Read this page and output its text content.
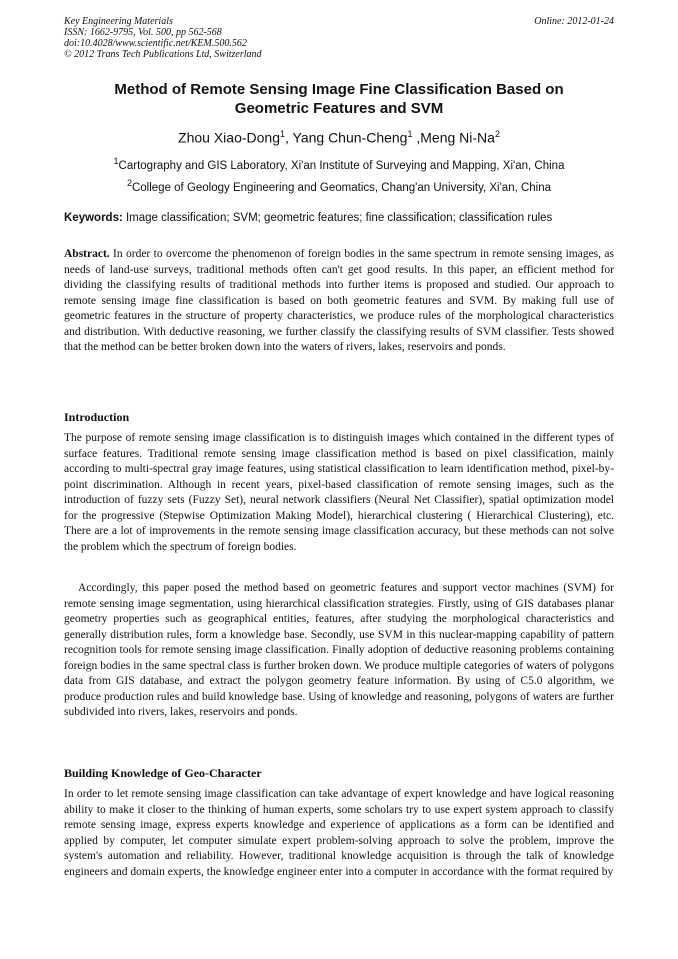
Key Engineering Materials
ISSN: 1662-9795, Vol. 500, pp 562-568
doi:10.4028/www.scientific.net/KEM.500.562
© 2012 Trans Tech Publications Ltd, Switzerland
Online: 2012-01-24
Method of Remote Sensing Image Fine Classification Based on
Geometric Features and SVM
Zhou Xiao-Dong$^1$, Yang Chun-Cheng$^1$ ,Meng Ni-Na$^2$
$^1$Cartography and GIS Laboratory, Xi'an Institute of Surveying and Mapping, Xi'an, China
$^2$College of Geology Engineering and Geomatics, Chang'an University, Xi'an, China
Keywords: Image classification; SVM; geometric features; fine classification; classification rules
Abstract. In order to overcome the phenomenon of foreign bodies in the same spectrum in remote sensing images, as needs of land-use surveys, traditional methods often can't get good results. In this paper, an efficient method for dividing the classifying results of traditional methods into further items is proposed and studied. Our approach to remote sensing image fine classification is based on both geometric features and SVM. By making full use of geometric features in the structure of property characteristics, we produce rules of the morphological characteristics and distribution. With deductive reasoning, we further classify the classifying results of SVM classifier. Tests showed that the method can be better broken down into the waters of rivers, lakes, reservoirs and ponds.
Introduction
The purpose of remote sensing image classification is to distinguish images which contained in the different types of surface features. Traditional remote sensing image classification method is based on pixel classification, mainly according to multi-spectral gray image features, using statistical classification to learn identification method, pixel-by-point discrimination. Although in recent years, pixel-based classification of remote sensing images, such as the introduction of fuzzy sets (Fuzzy Set), neural network classifiers (Neural Net Classifier), spatial optimization model for the progressive (Stepwise Optimization Making Model), hierarchical clustering ( Hierarchical Clustering), etc. There are a lot of improvements in the remote sensing image classification accuracy, but these methods can not solve the problem which the spectrum of foreign bodies.
Accordingly, this paper posed the method based on geometric features and support vector machines (SVM) for remote sensing image segmentation, using hierarchical classification strategies. Firstly, using of GIS databases planar geometry properties such as geographical entities, features, after studying the morphological characteristics and generally distribution rules, form a knowledge base. Secondly, use SVM in this nuclear-mapping capability of pattern recognition tools for remote sensing image classification. Finally adoption of deductive reasoning problems containing foreign bodies in the same spectral class is further broken down. We produce multiple categories of waters of polygons data from GIS database, and extract the polygon geometry feature information. By using of C5.0 algorithm, we produce production rules and build knowledge base. Using of knowledge and reasoning, polygons of waters are further subdivided into rivers, lakes, reservoirs and ponds.
Building Knowledge of Geo-Character
In order to let remote sensing image classification can take advantage of expert knowledge and have logical reasoning ability to make it closer to the thinking of human experts, some scholars try to use expert system approach to classify remote sensing image, express experts knowledge and experience of applications as a form can be identified and applied by computer, let computer simulate expert problem-solving approach to solve the problem, improve the system's automation and reliability. However, traditional knowledge acquisition is through the talk of knowledge engineers and domain experts, the knowledge engineer enter into a computer in accordance with the format required by
